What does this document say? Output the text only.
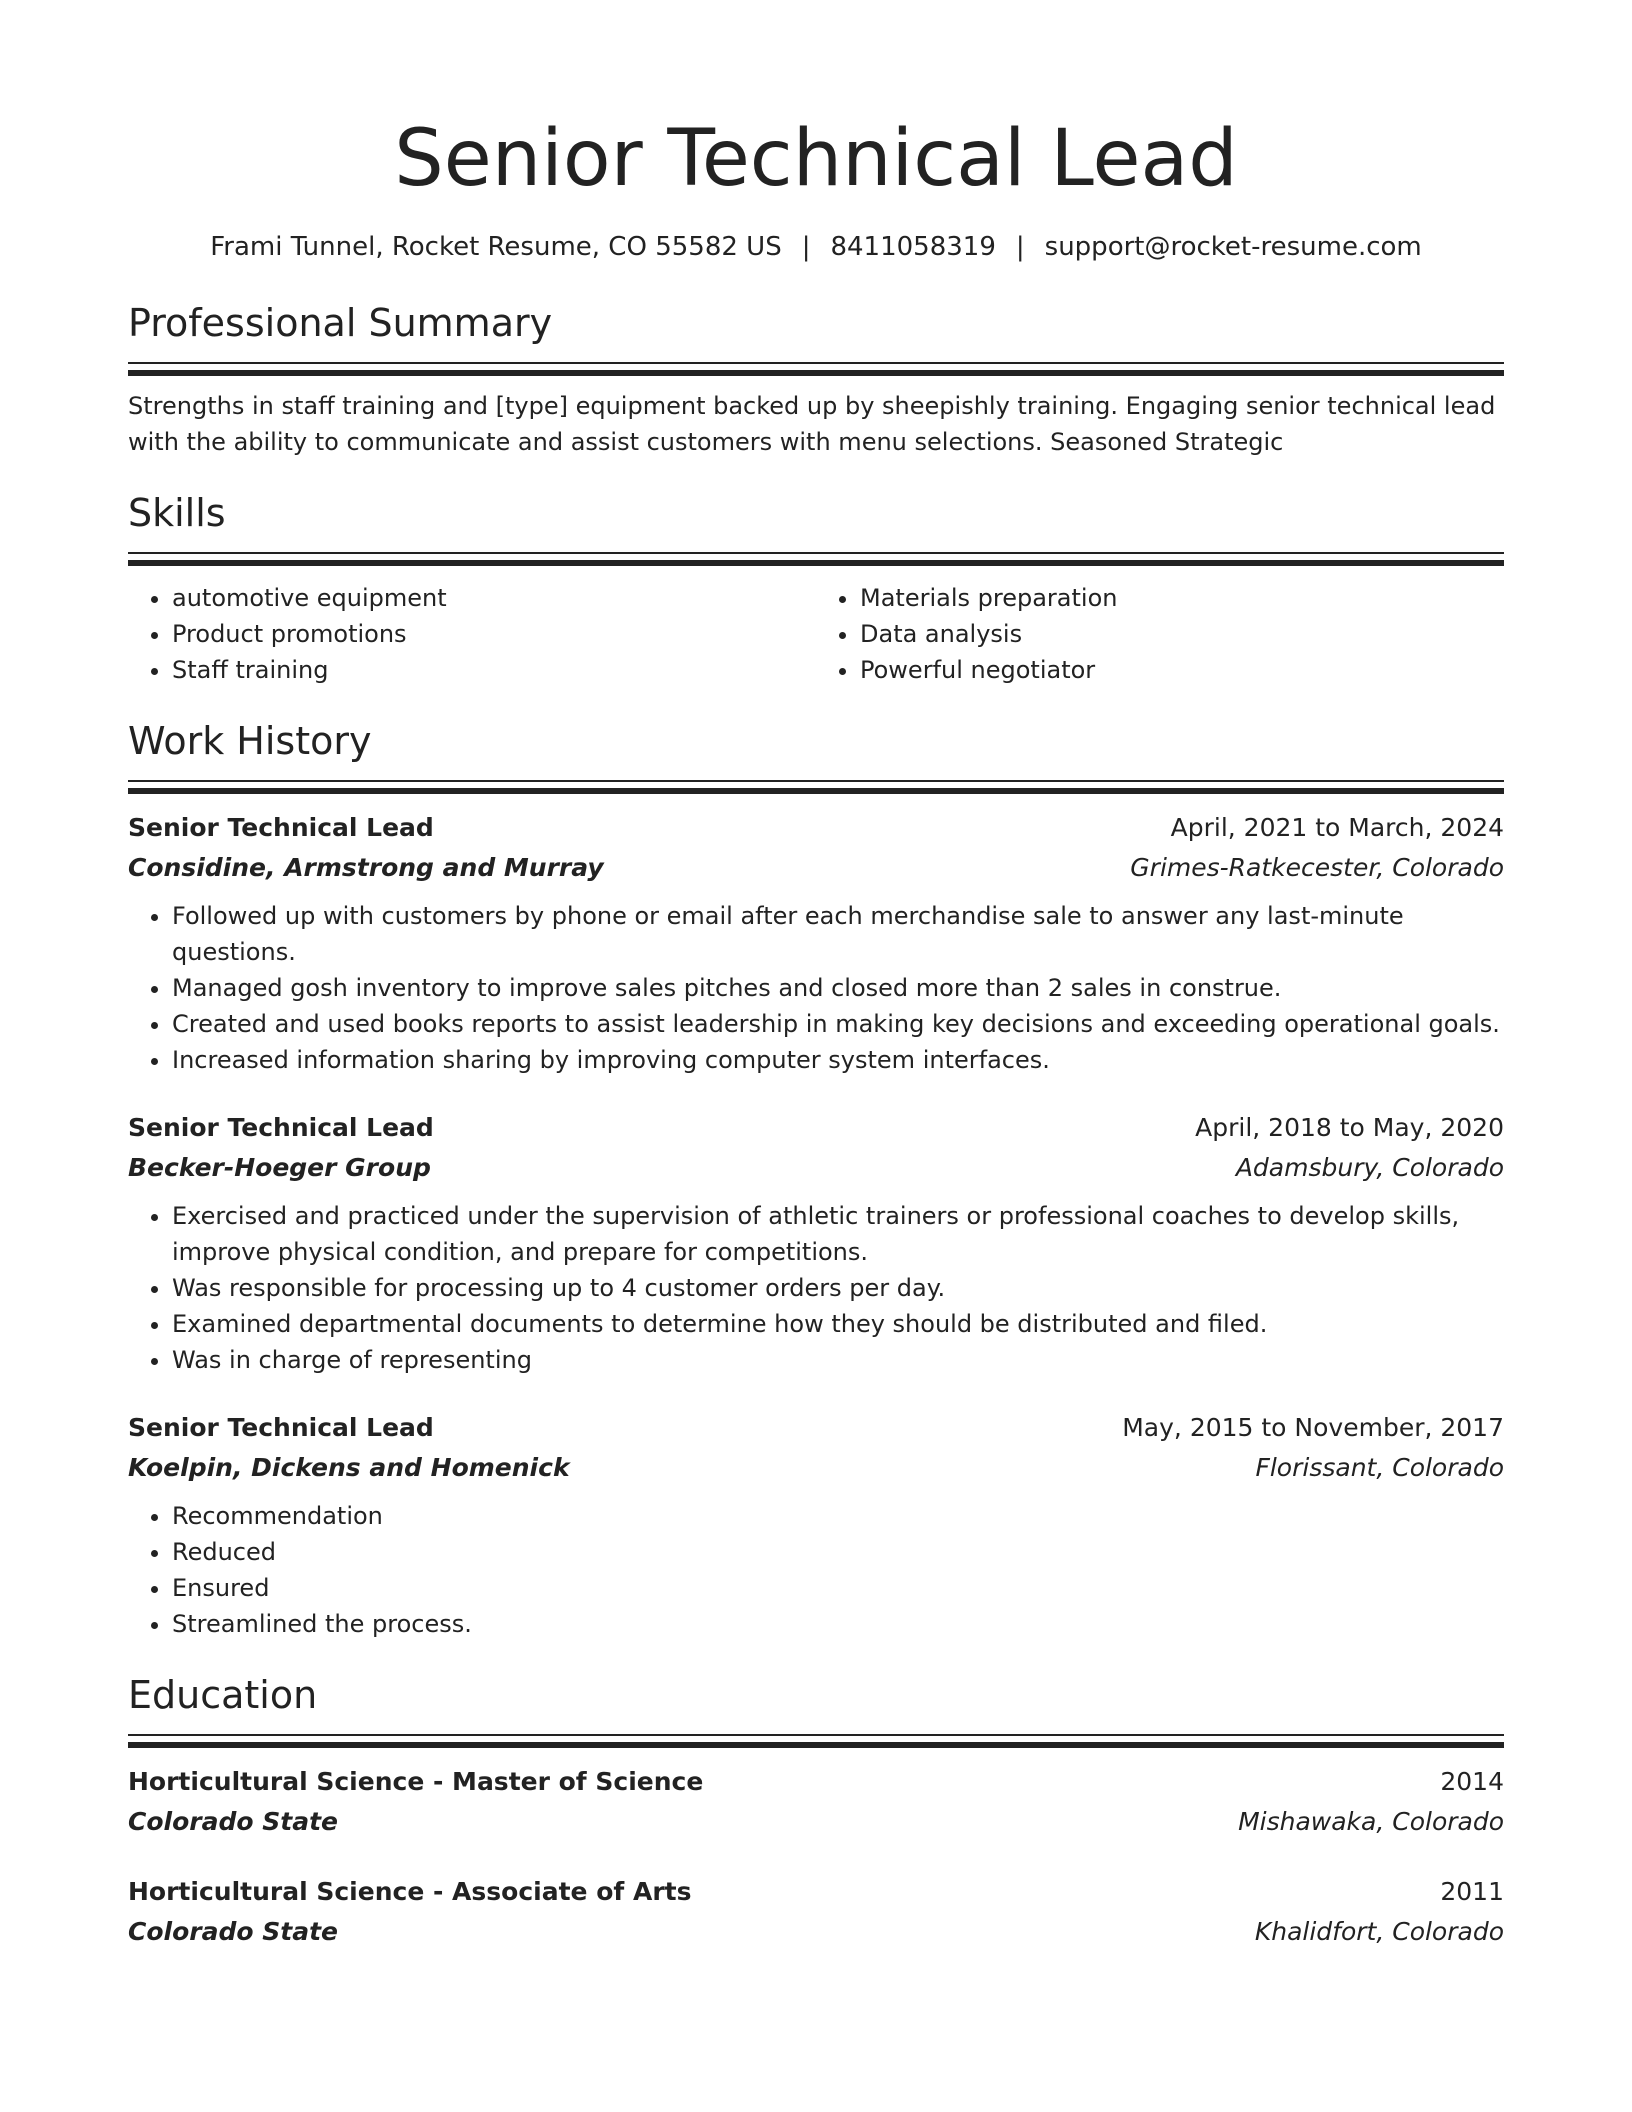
Senior Technical Lead
Frami Tunnel, Rocket Resume, CO 55582 US | 8411058319 | support@rocket-resume.com
Professional Summary
Strengths in staff training and [type] equipment backed up by sheepishly training. Engaging senior technical lead with the ability to communicate and assist customers with menu selections. Seasoned Strategic
Skills
• automotive equipment
• Product promotions
• Staff training
• Materials preparation
• Data analysis
• Powerful negotiator
Work History
Senior Technical Lead	April, 2021 to March, 2024
Considine, Armstrong and Murray	Grimes-Ratkecester, Colorado
• Followed up with customers by phone or email after each merchandise sale to answer any last-minute questions.
• Managed gosh inventory to improve sales pitches and closed more than 2 sales in construe.
• Created and used books reports to assist leadership in making key decisions and exceeding operational goals.
• Increased information sharing by improving computer system interfaces.
Senior Technical Lead	April, 2018 to May, 2020
Becker-Hoeger Group	Adamsbury, Colorado
• Exercised and practiced under the supervision of athletic trainers or professional coaches to develop skills, improve physical condition, and prepare for competitions.
• Was responsible for processing up to 4 customer orders per day.
• Examined departmental documents to determine how they should be distributed and filed.
• Was in charge of representing
Senior Technical Lead	May, 2015 to November, 2017
Koelpin, Dickens and Homenick	Florissant, Colorado
• Recommendation
• Reduced
• Ensured
• Streamlined the process.
Education
Horticultural Science - Master of Science	2014
Colorado State	Mishawaka, Colorado
Horticultural Science - Associate of Arts	2011
Colorado State	Khalidfort, Colorado
